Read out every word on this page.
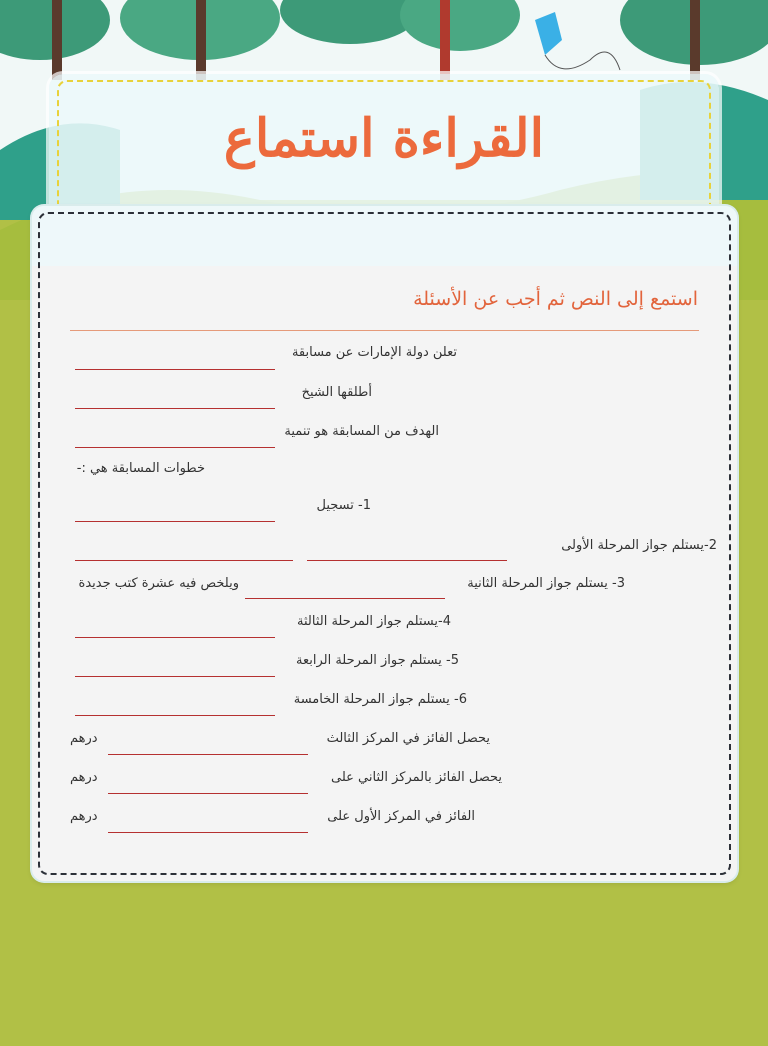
القراءة استماع
استمع إلى النص ثم أجب عن الأسئلة
تعلن دولة الإمارات عن مسابقة
أطلقها الشيخ
الهدف من المسابقة هو تنمية
خطوات المسابقة هي :-
1- تسجيل
2-يستلم جواز المرحلة الأولى
3- يستلم جواز المرحلة الثانية
ويلخص فيه عشرة كتب جديدة
4-يستلم جواز المرحلة الثالثة
5- يستلم جواز المرحلة الرابعة
6- يستلم جواز المرحلة الخامسة
يحصل الفائز في المركز الثالث
درهم
يحصل الفائز بالمركز الثاني على
درهم
الفائز في المركز الأول على
درهم
